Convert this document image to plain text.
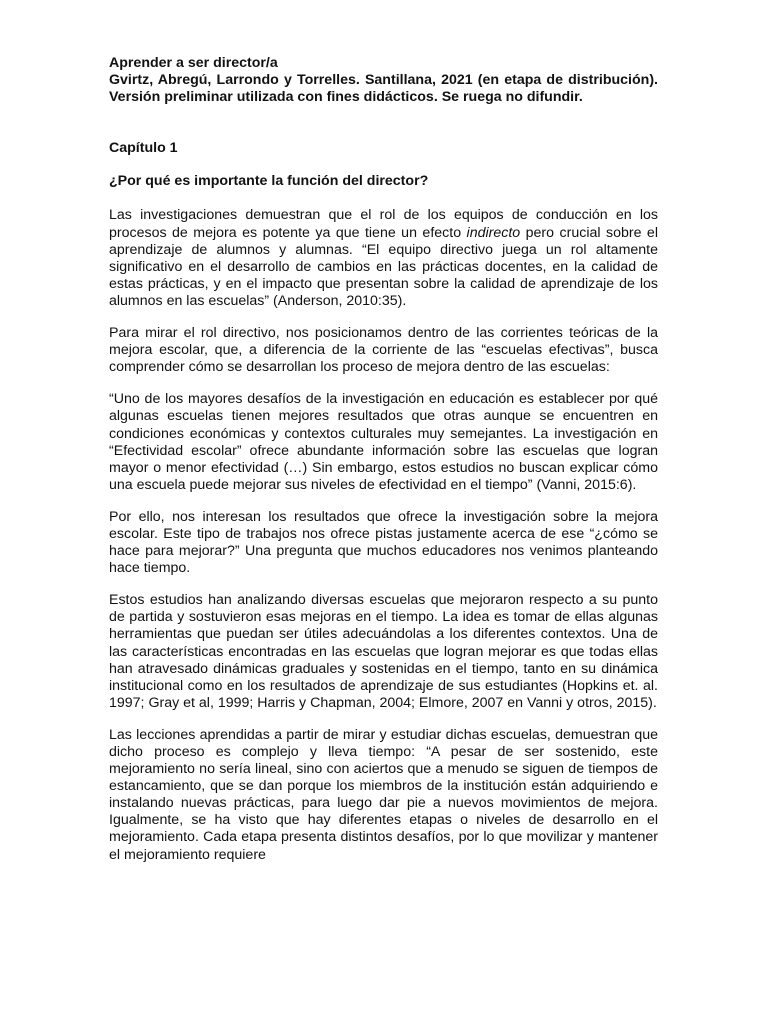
Aprender a ser director/a

Gvirtz, Abregú, Larrondo y Torrelles. Santillana, 2021 (en etapa de distribución). Versión preliminar utilizada con fines didácticos. Se ruega no difundir.

Capítulo 1

¿Por qué es importante la función del director?

Las investigaciones demuestran que el rol de los equipos de conducción en los procesos de mejora es potente ya que tiene un efecto indirecto pero crucial sobre el aprendizaje de alumnos y alumnas. “El equipo directivo juega un rol altamente significativo en el desarrollo de cambios en las prácticas docentes, en la calidad de estas prácticas, y en el impacto que presentan sobre la calidad de aprendizaje de los alumnos en las escuelas” (Anderson, 2010:35).

Para mirar el rol directivo, nos posicionamos dentro de las corrientes teóricas de la mejora escolar, que, a diferencia de la corriente de las “escuelas efectivas”, busca comprender cómo se desarrollan los proceso de mejora dentro de las escuelas:

“Uno de los mayores desafíos de la investigación en educación es establecer por qué algunas escuelas tienen mejores resultados que otras aunque se encuentren en condiciones económicas y contextos culturales muy semejantes. La investigación en “Efectividad escolar” ofrece abundante información sobre las escuelas que logran mayor o menor efectividad (…) Sin embargo, estos estudios no buscan explicar cómo una escuela puede mejorar sus niveles de efectividad en el tiempo” (Vanni, 2015:6).

Por ello, nos interesan los resultados que ofrece la investigación sobre la mejora escolar. Este tipo de trabajos nos ofrece pistas justamente acerca de ese “¿cómo se hace para mejorar?” Una pregunta que muchos educadores nos venimos planteando hace tiempo.

Estos estudios han analizando diversas escuelas que mejoraron respecto a su punto de partida y sostuvieron esas mejoras en el tiempo. La idea es tomar de ellas algunas herramientas que puedan ser útiles adecuándolas a los diferentes contextos. Una de las características encontradas en las escuelas que logran mejorar es que todas ellas han atravesado dinámicas graduales y sostenidas en el tiempo, tanto en su dinámica institucional como en los resultados de aprendizaje de sus estudiantes (Hopkins et. al. 1997; Gray et al, 1999; Harris y Chapman, 2004; Elmore, 2007 en Vanni y otros, 2015).

Las lecciones aprendidas a partir de mirar y estudiar dichas escuelas, demuestran que dicho proceso es complejo y lleva tiempo: “A pesar de ser sostenido, este mejoramiento no sería lineal, sino con aciertos que a menudo se siguen de tiempos de estancamiento, que se dan porque los miembros de la institución están adquiriendo e instalando nuevas prácticas, para luego dar pie a nuevos movimientos de mejora. Igualmente, se ha visto que hay diferentes etapas o niveles de desarrollo en el mejoramiento. Cada etapa presenta distintos desafíos, por lo que movilizar y mantener el mejoramiento requiere
